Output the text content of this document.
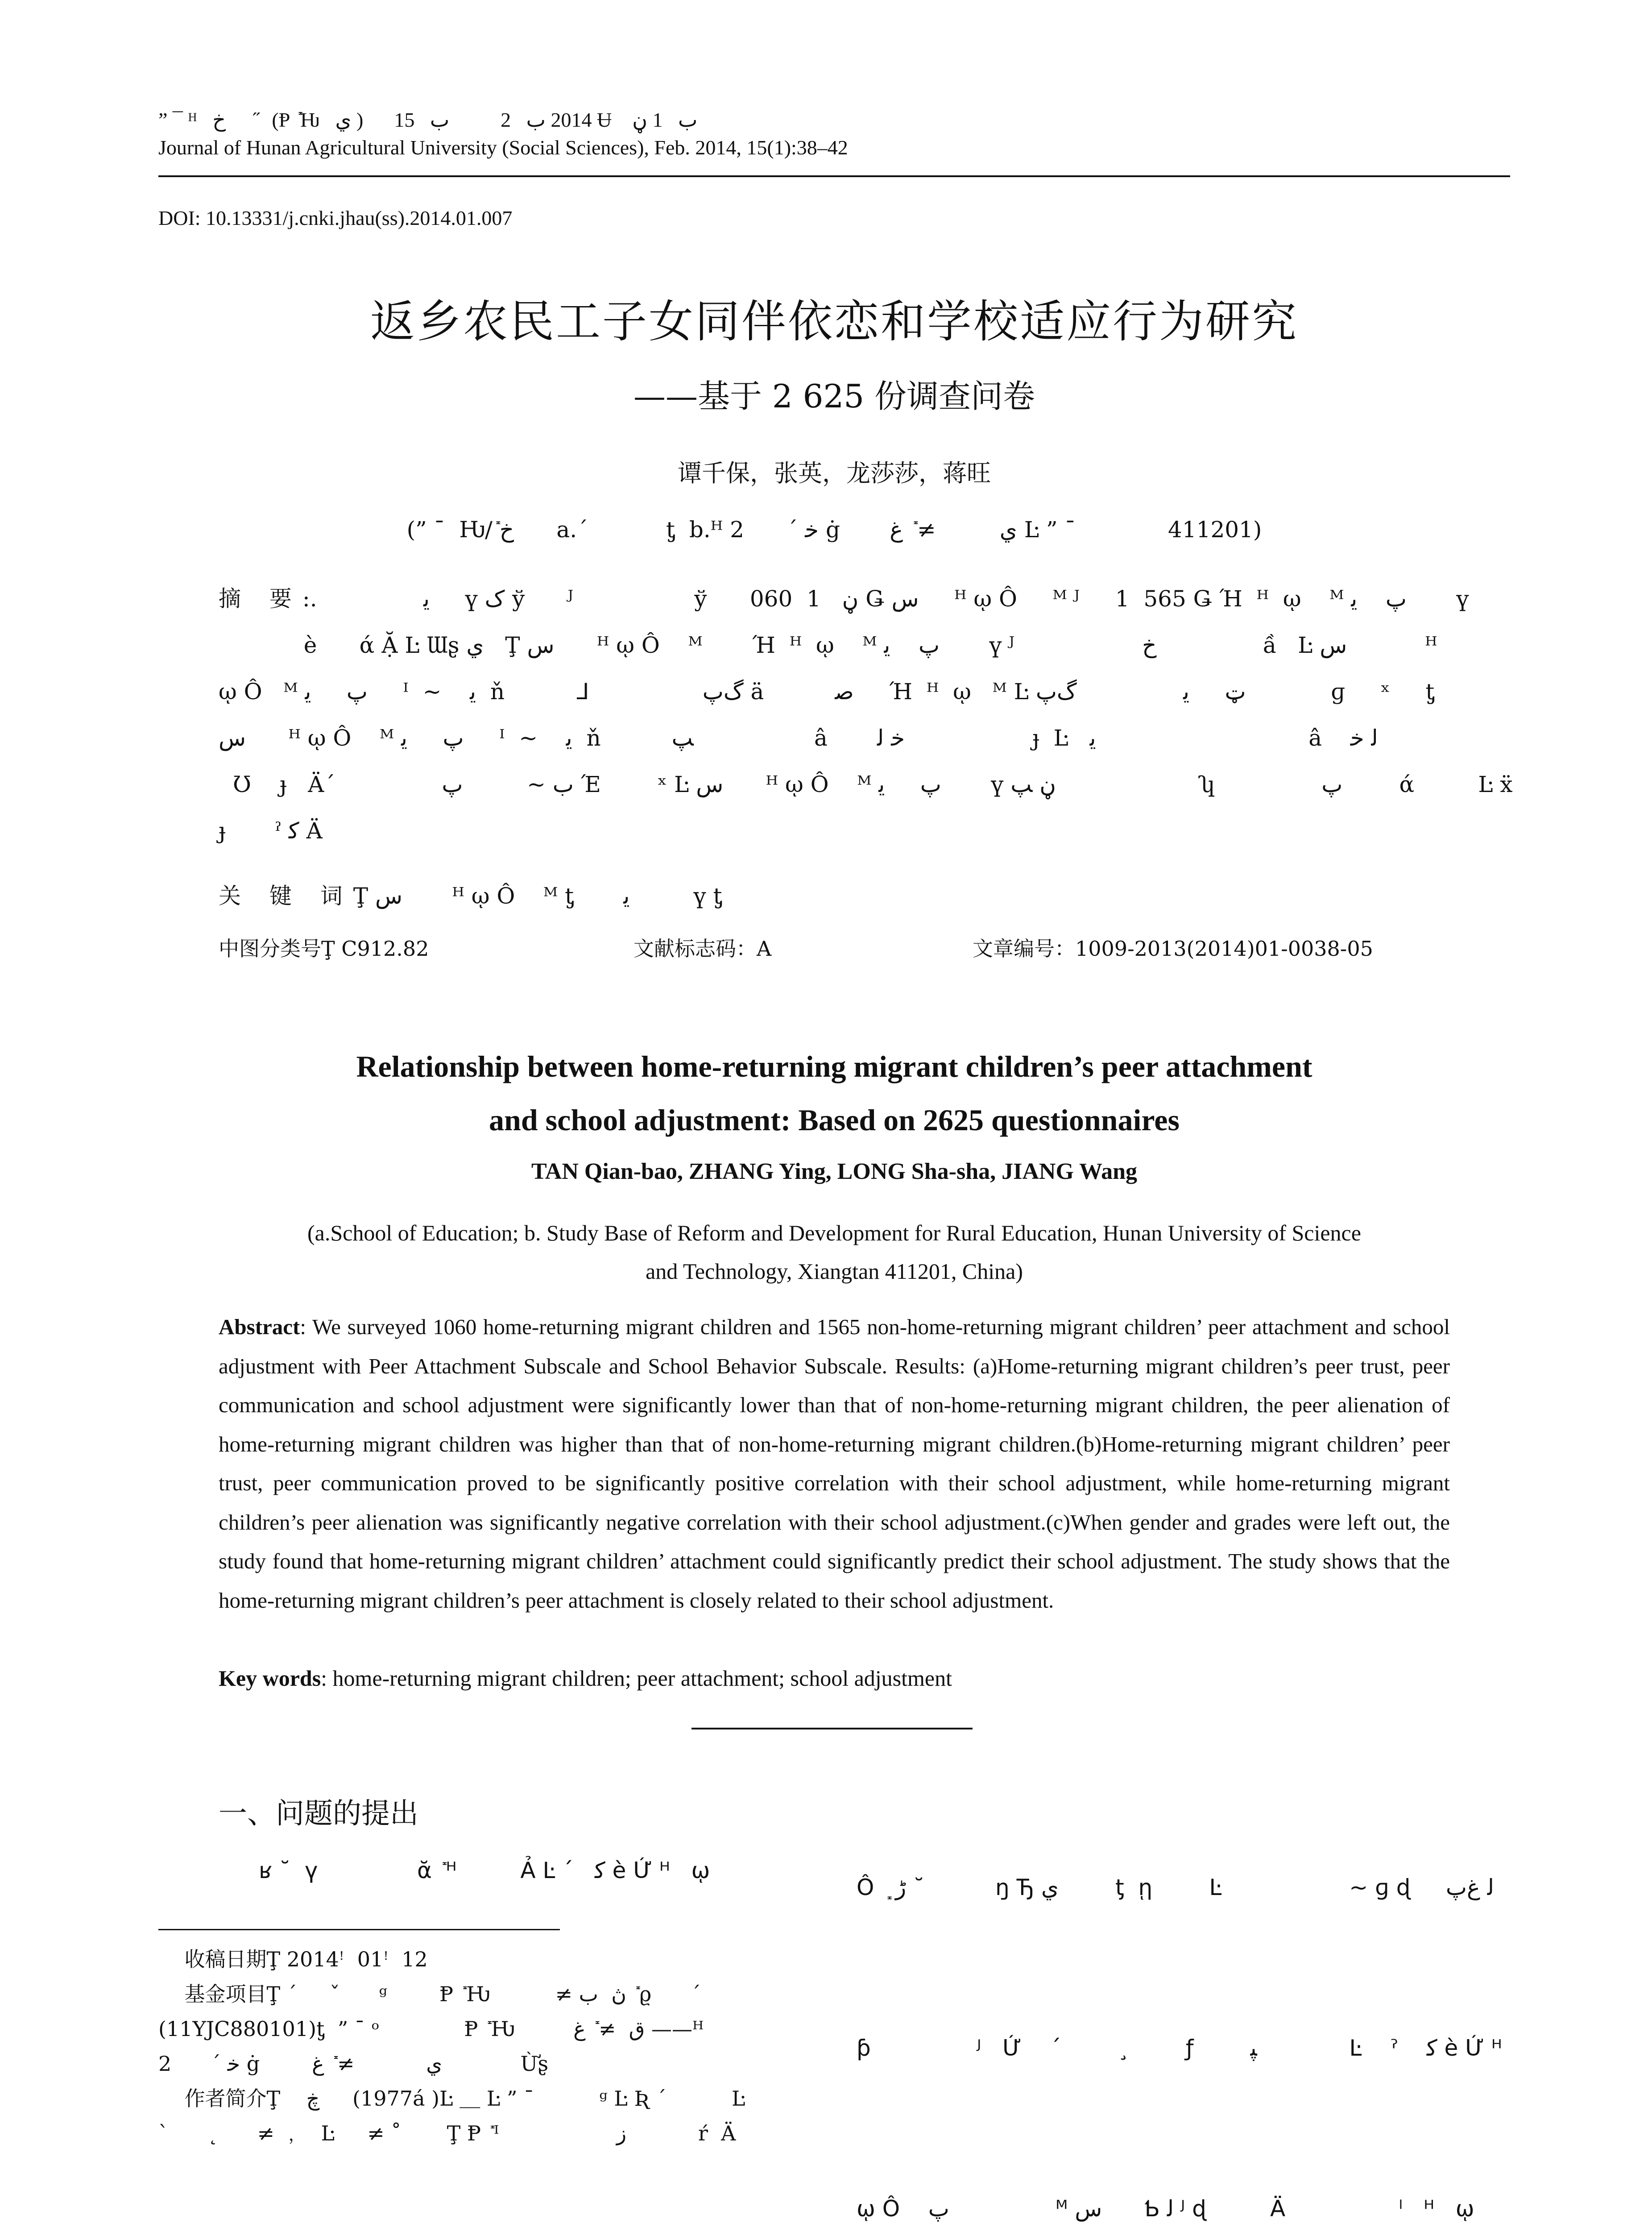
” ¯ ᴴ   ﺥ       ̋  (Ᵽ ܺ Ƕ   ي )      2014 ﺏ   2          ب   15 Ʉ    ب   1 ڼ
Journal of Hunan Agricultural University (Social Sciences), Feb. 2014, 15(1):38–42
DOI: 10.13331/j.cnki.jhau(ss).2014.01.007
返乡农民工子女同伴依恋和学校适应行为研究
——基于 2 625 份调查问卷
谭千保，张英，龙莎莎，蒋旺
(” ¯  Ƕ/ܺ ﺥ      a.΄           ƫ  b.ᴴ ﺧ ΄      2 ġ       ي         ≠ ܺ ﻍ Ŀ ” ¯             411201)
摘 要:.               ﻳ     ү ﮎ ў  ᅟ ᴶ                 ў  ᅟ ڼ   1  060 Ǥ ﺱ     ᴴ ῳ Ô     ᴹ ᴶ     1  565 Ǥ Ή  ᴴ  ῳ    ᴹ ﭖ    ﻳ       ү
è      ά Ặ Ŀ Ɯʂ ي   Ţ ﺱ      ᴴ ῳ Ô    ᴹ       Ή  ᴴ  ῳ    ᴹ ﭖ    ﻳ       ү ᴶ                  ﺥ               ầ   Ŀ ﺱ           ᴴ
ῳ Ô   ᴹ ﭖ     ﻳ     ᴵ  ~    ﻳ  ň          ᒧ                ﮒﭖ ä          ﺻ     Ή  ᴴ  ῳ   ᴹ Ŀ ټ     ﻳ               ﮒﭖ            ɡ     ˣ     ƫ
ﺱ      ᴴ ῳ Ô    ᴹ ﭖ     ﻳ     ᴵ  ~    ﻳ  ň          ﭗ                 â       ﺧ ﻟ                  ɟ  Ŀ   ﻳ                              â    ﻟ ﺧ
Ʊ    ɟ   Ä΄       ᅟ     ﭖ     ᅟ ~ ﺏ Έ        ˣ Ŀ ﺱ      ᴴ ῳ Ô    ᴹ ﭖ     ﻳ       ү ڼ ﭗ                    ʮ               ﭖ        ά         Ŀ ẍ
ɟ       ˀ ﮐ Ä
关 键 词Ţ ﺱ       ᴴ ῳ Ô    ᴹ ƫ       ﻳ         ү ƫ
中图分类号Ţ C912.82	文献标志码：A	文章编号：1009-2013(2014)01-0038-05
Relationship between home-returning migrant children’s peer attachment
and school adjustment: Based on 2625 questionnaires
TAN Qian-bao, ZHANG Ying, LONG Sha-sha, JIANG Wang
(a.School of Education; b. Study Base of Reform and Development for Rural Education, Hunan University of Science
and Technology, Xiangtan 411201, China)
Abstract: We surveyed 1060 home-returning migrant children and 1565 non-home-returning migrant children’ peer attachment and school adjustment with Peer Attachment Subscale and School Behavior Subscale. Results: (a)Home-returning migrant children’s peer trust, peer communication and school adjustment were significantly lower than that of non-home-returning migrant children, the peer alienation of home-returning migrant children was higher than that of non-home-returning migrant children.(b)Home-returning migrant children’ peer trust, peer communication proved to be significantly positive correlation with their school adjustment, while home-returning migrant children’s peer alienation was significantly negative correlation with their school adjustment.(c)When gender and grades were left out, the study found that home-returning migrant children’ attachment could significantly predict their school adjustment. The study shows that the home-returning migrant children’s peer attachment is closely related to their school adjustment.
Key words: home-returning migrant children; peer attachment; school adjustment
一、问题的提出
ʁ ˘  ү              ᾰ ܺ ᴴ         Ả Ŀ ΄   ﮐ è Ứ ᴴ   ῳ

Ô ܻ  ڑ ˘          ŋ Ђ ي        ƫ  ῃ        Ŀ                  ~ ɡ ɖ     ﻟ ﻍﭖ

ƥ               ᴶ   Ứ    ΄        ¸        ƒ        ﭙ             Ŀ    ˀ    ﮐ è Ứ ᴴ

ῳ Ô    ﭖ               ᴹ ﺱ      Ƅ ﻟ ᴶ ɖ         Ä                ˡ   ᴴ   ῳ

收稿日期Ţ 2014ꜝ  01ꜝ  12
基金项目Ţ ΄     ˇ      ᵍ        Ᵽ ܺ Ƕ          ≠ ڽ  ﺏ ܺ ϱ      ΄
(11YJC880101)ƫ  ” ¯ ᵒ             Ᵽ ܺ Ƕ         ﻕ  ≠ ܺ ﻍ ——ᴴ
ﺧ ΄      2 ġ        ي           ≠ ܺ ﻍ            Ừʂ
作者简介Ţ    ڿ ᅟ (1977á )Ŀ ＿ Ŀ ” ¯          ᵍ Ŀ Ʀ ΄          Ŀ
`      ˛      ≠ ﹐   Ŀ     ≠ ˚       Ţ Ᵽ ܺ ᴵ                  ﺯ           ŕ  Ä
